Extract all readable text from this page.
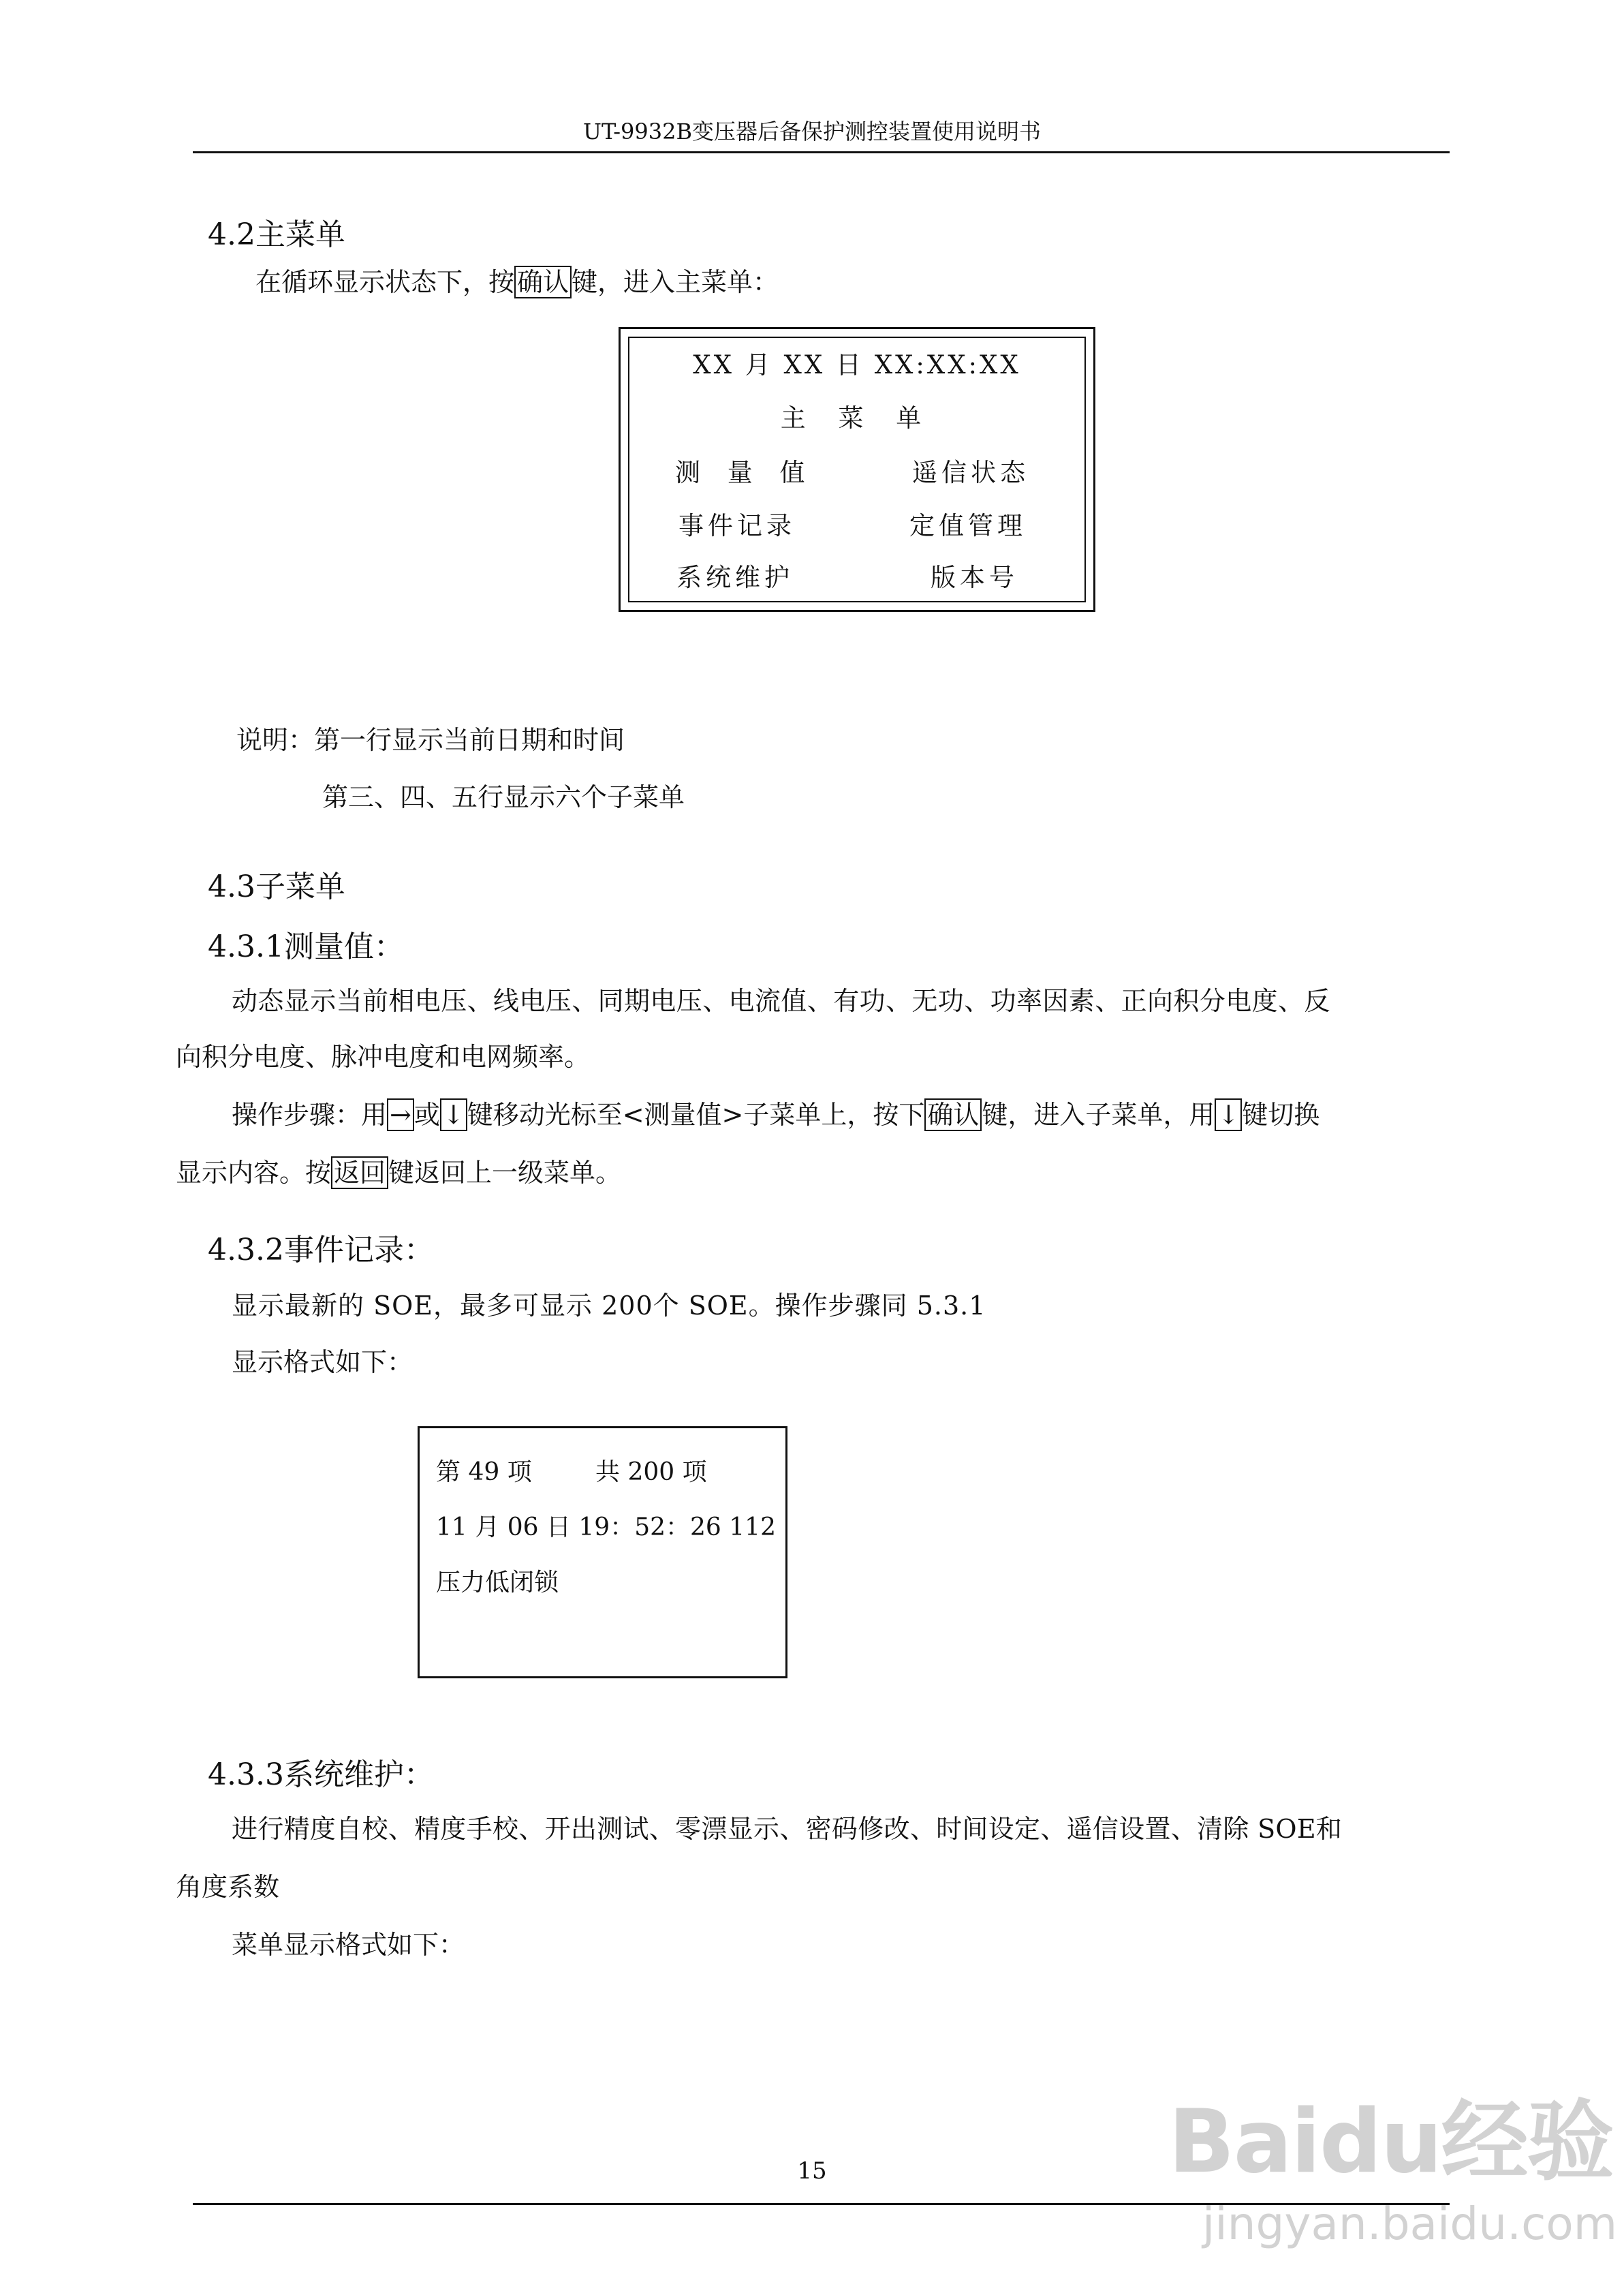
UT-9932B变压器后备保护测控装置使用说明书
4.2主菜单
在循环显示状态下，按 确认 键，进入主菜单：
XX 月 XX 日 XX:XX:XX
主 菜 单
测 量 值	遥信状态
事件记录	定值管理
系统维护	版本号
说明：第一行显示当前日期和时间
第三、四、五行显示六个子菜单
4.3子菜单
4.3.1测量值：
动态显示当前相电压、线电压、同期电压、电流值、有功、无功、功率因素、正向积分电度、反
向积分电度、脉冲电度和电网频率。
操作步骤：用 → 或 ↓ 键移动光标至<测量值>子菜单上，按下 确认 键，进入子菜单，用 ↓ 键切换
显示内容。按 返回 键返回上一级菜单。
4.3.2事件记录：
显示最新的 SOE，最多可显示 200个 SOE。操作步骤同 5.3.1
显示格式如下：
第 49 项	共 200 项
11 月 06 日 19：52：26 112
压力低闭锁
4.3.3系统维护：
进行精度自校、精度手校、开出测试、零漂显示、密码修改、时间设定、遥信设置、清除 SOE和
角度系数
菜单显示格式如下：
15	Baidu经验
jingyan.baidu.com
